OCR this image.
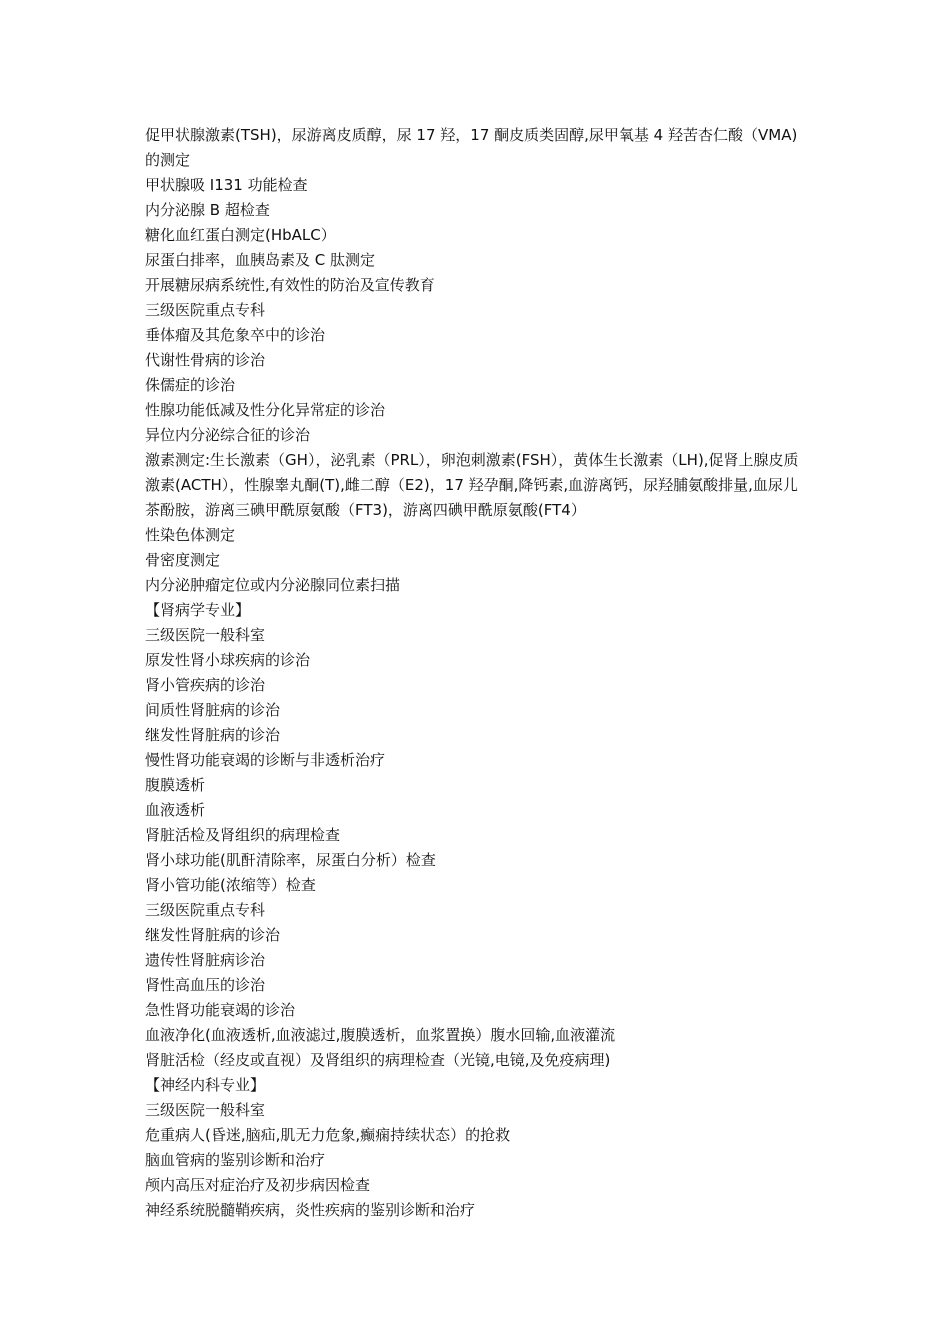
促甲状腺激素(TSH)，尿游离皮质醇，尿 17 羟，17 酮皮质类固醇,尿甲氧基 4 羟苦杏仁酸（VMA)的测定

甲状腺吸 I131 功能检查

内分泌腺 B 超检查

糖化血红蛋白测定(HbALC）

尿蛋白排率，血胰岛素及 C 肽测定

开展糖尿病系统性,有效性的防治及宣传教育

三级医院重点专科

垂体瘤及其危象卒中的诊治

代谢性骨病的诊治

侏儒症的诊治

性腺功能低减及性分化异常症的诊治

异位内分泌综合征的诊治

激素测定:生长激素（GH），泌乳素（PRL），卵泡刺激素(FSH），黄体生长激素（LH),促肾上腺皮质激素(ACTH），性腺睾丸酮(T),雌二醇（E2)，17 羟孕酮,降钙素,血游离钙，尿羟脯氨酸排量,血尿儿茶酚胺，游离三碘甲酰原氨酸（FT3)，游离四碘甲酰原氨酸(FT4）

性染色体测定

骨密度测定

内分泌肿瘤定位或内分泌腺同位素扫描

【肾病学专业】

三级医院一般科室

原发性肾小球疾病的诊治

肾小管疾病的诊治

间质性肾脏病的诊治

继发性肾脏病的诊治

慢性肾功能衰竭的诊断与非透析治疗

腹膜透析

血液透析

肾脏活检及肾组织的病理检查

肾小球功能(肌酐清除率，尿蛋白分析）检查

肾小管功能(浓缩等）检查

三级医院重点专科

继发性肾脏病的诊治

遗传性肾脏病诊治

肾性高血压的诊治

急性肾功能衰竭的诊治

血液净化(血液透析,血液滤过,腹膜透析，血浆置换）腹水回输,血液灌流

肾脏活检（经皮或直视）及肾组织的病理检查（光镜,电镜,及免疫病理)

【神经内科专业】

三级医院一般科室

危重病人(昏迷,脑疝,肌无力危象,癫痫持续状态）的抢救

脑血管病的鉴别诊断和治疗

颅内高压对症治疗及初步病因检查

神经系统脱髓鞘疾病，炎性疾病的鉴别诊断和治疗
